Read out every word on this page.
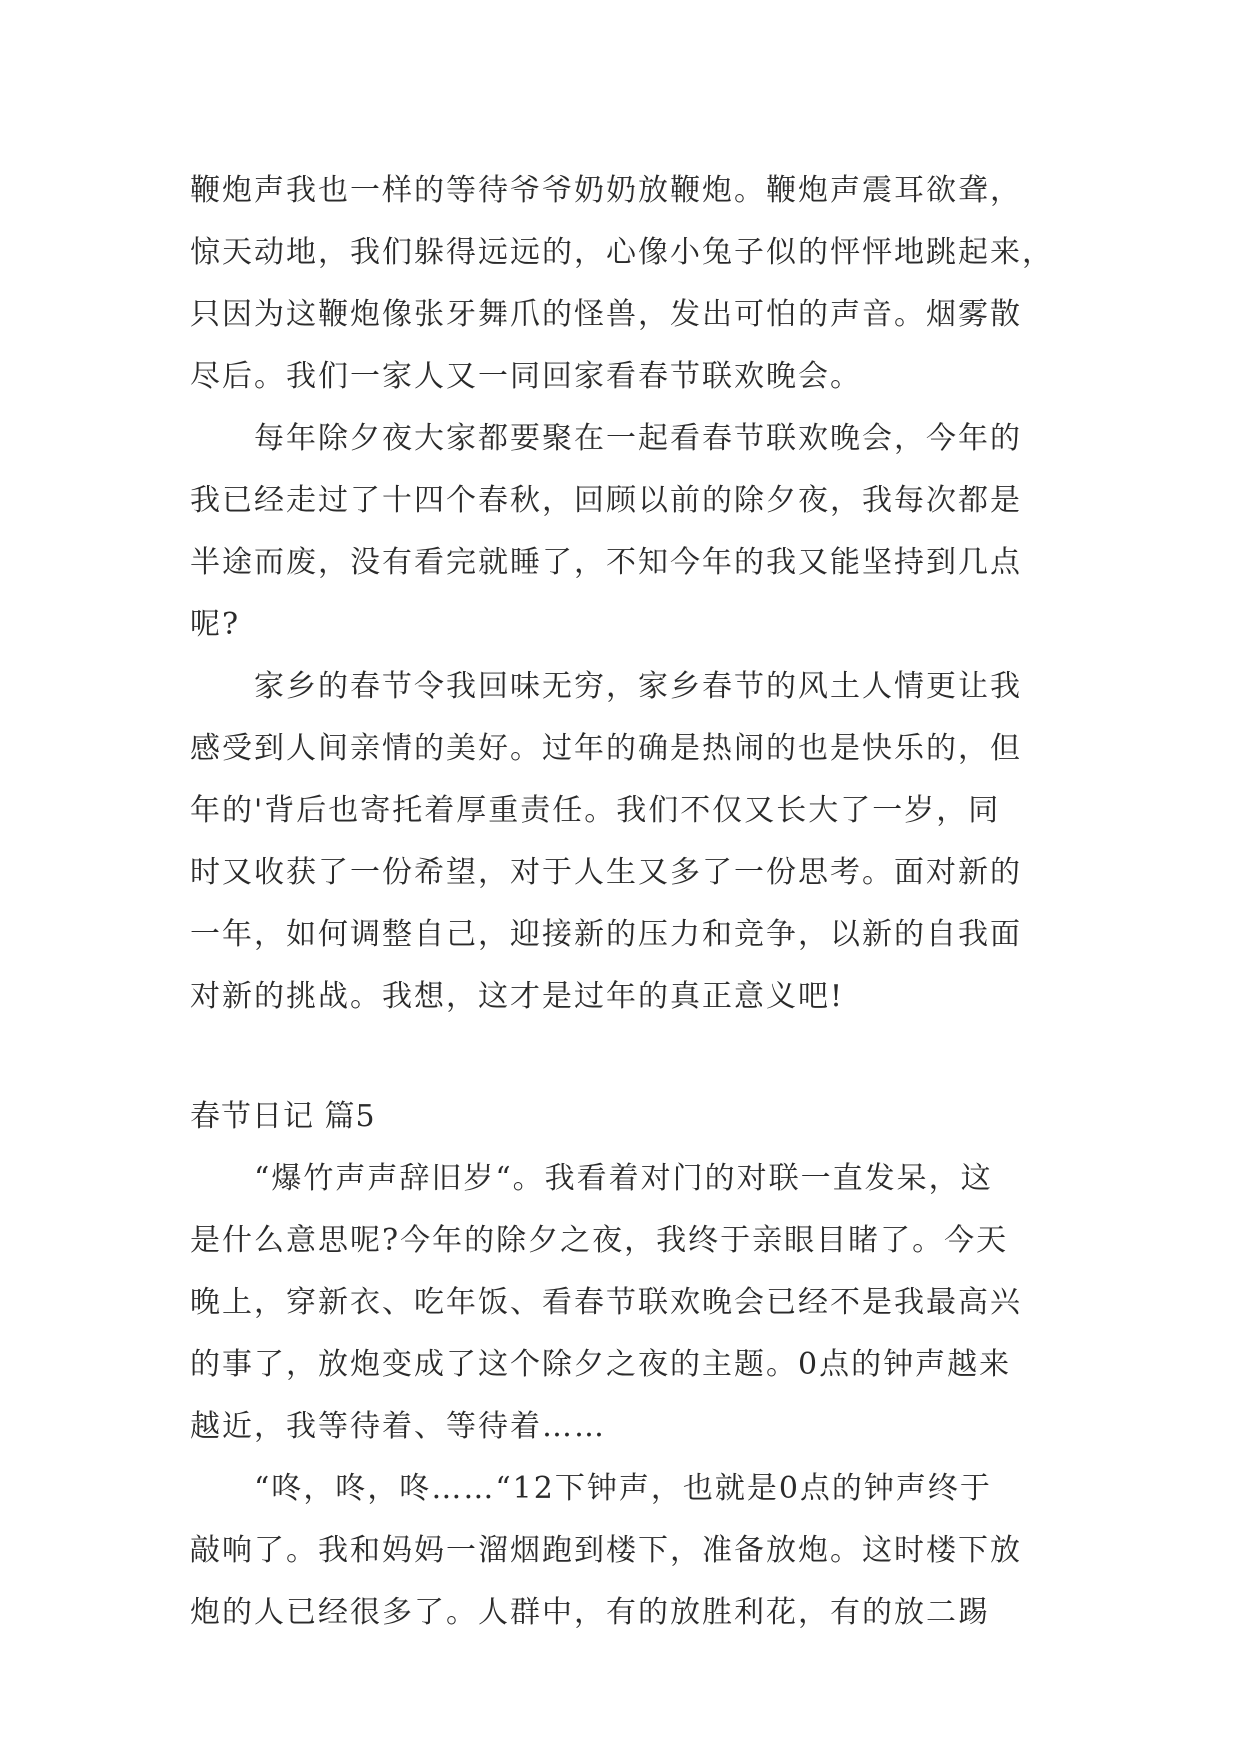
鞭炮声我也一样的等待爷爷奶奶放鞭炮。鞭炮声震耳欲聋，
惊天动地，我们躲得远远的，心像小兔子似的怦怦地跳起来，
只因为这鞭炮像张牙舞爪的怪兽，发出可怕的声音。烟雾散
尽后。我们一家人又一同回家看春节联欢晚会。
每年除夕夜大家都要聚在一起看春节联欢晚会，今年的
我已经走过了十四个春秋，回顾以前的除夕夜，我每次都是
半途而废，没有看完就睡了，不知今年的我又能坚持到几点
呢?
家乡的春节令我回味无穷，家乡春节的风土人情更让我
感受到人间亲情的美好。过年的确是热闹的也是快乐的，但
年的'背后也寄托着厚重责任。我们不仅又长大了一岁，同
时又收获了一份希望，对于人生又多了一份思考。面对新的
一年，如何调整自己，迎接新的压力和竞争，以新的自我面
对新的挑战。我想，这才是过年的真正意义吧!
春节日记 篇5
“爆竹声声辞旧岁“。我看着对门的对联一直发呆，这
是什么意思呢?今年的除夕之夜，我终于亲眼目睹了。今天
晚上，穿新衣、吃年饭、看春节联欢晚会已经不是我最高兴
的事了，放炮变成了这个除夕之夜的主题。0点的钟声越来
越近，我等待着、等待着……
“咚，咚，咚……“12下钟声，也就是0点的钟声终于
敲响了。我和妈妈一溜烟跑到楼下，准备放炮。这时楼下放
炮的人已经很多了。人群中，有的放胜利花，有的放二踢
